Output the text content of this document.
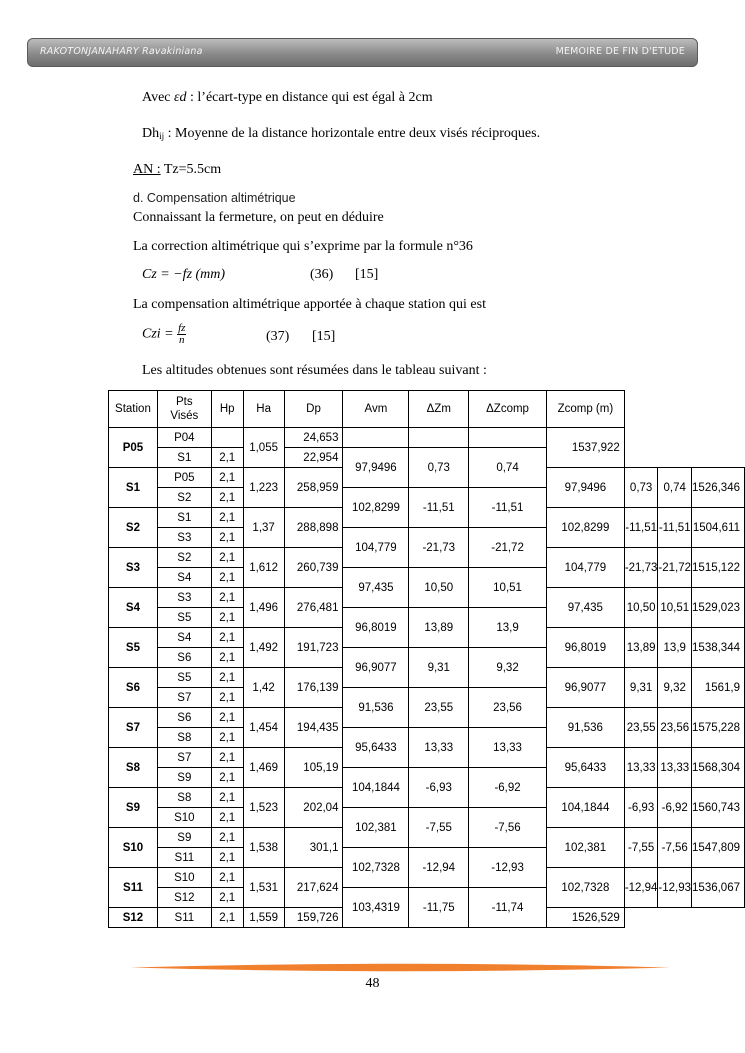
RAKOTONJANAHARY Ravakiniana	MEMOIRE DE FIN D'ETUDE
Avec εd : l’écart-type en distance qui est égal à 2cm
$Dh_{ij}$ : Moyenne de la distance horizontale entre deux visés réciproques.
AN : Tz=5.5cm
d. Compensation altimétrique
Connaissant la fermeture, on peut en déduire
La correction altimétrique qui s’exprime par la formule n°36
Cz = −fz (mm)	(36) [15]
La compensation altimétrique apportée à chaque station qui est
Czi = $\frac{fz}{n}$	(37) [15]
Les altitudes obtenues sont résumées dans le tableau suivant :
Station	Pts Visés	Hp	Ha	Dp	Avm	ΔZm	ΔZcomp	Zcomp (m)			
P05	P04		1,055	24,653				1537,922			
	S1	2,1		22,954	97,9496	0,73	0,74				
S1	P05	2,1	1,223	258,959				97,9496	0,73	0,74	1526,346
	S2	2,1			102,8299	-11,51	-11,51				
S2	S1	2,1	1,37	288,898				102,8299	-11,51	-11,51	1504,611
	S3	2,1			104,779	-21,73	-21,72				
S3	S2	2,1	1,612	260,739				104,779	-21,73	-21,72	1515,122
	S4	2,1			97,435	10,50	10,51				
S4	S3	2,1	1,496	276,481				97,435	10,50	10,51	1529,023
	S5	2,1			96,8019	13,89	13,9				
S5	S4	2,1	1,492	191,723				96,8019	13,89	13,9	1538,344
	S6	2,1			96,9077	9,31	9,32				
S6	S5	2,1	1,42	176,139				96,9077	9,31	9,32	1561,9
	S7	2,1			91,536	23,55	23,56				
S7	S6	2,1	1,454	194,435				91,536	23,55	23,56	1575,228
	S8	2,1			95,6433	13,33	13,33				
S8	S7	2,1	1,469	105,19				95,6433	13,33	13,33	1568,304
	S9	2,1			104,1844	-6,93	-6,92				
S9	S8	2,1	1,523	202,04				104,1844	-6,93	-6,92	1560,743
	S10	2,1			102,381	-7,55	-7,56				
S10	S9	2,1	1,538	301,1				102,381	-7,55	-7,56	1547,809
	S11	2,1			102,7328	-12,94	-12,93				
S11	S10	2,1	1,531	217,624				102,7328	-12,94	-12,93	1536,067
	S12	2,1			103,4319	-11,75	-11,74				
S12	S11	2,1	1,559	159,726				1526,529			
48
